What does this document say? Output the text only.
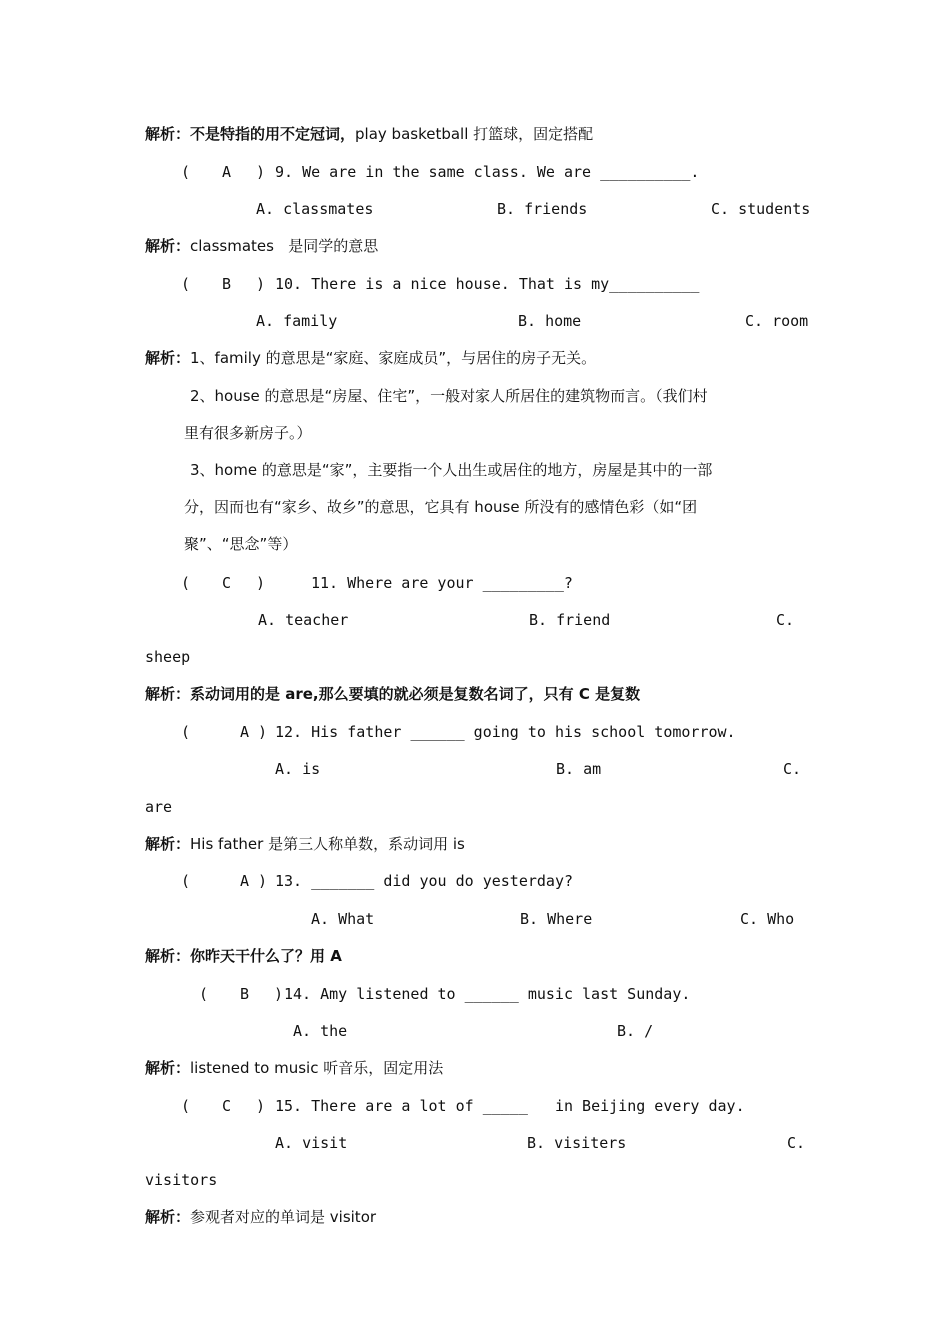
解析：不是特指的用不定冠词，play basketball 打篮球，固定搭配
( A ) 9. We are in the same class. We are __________.
A. classmates	B. friends	C. students
解析：classmates   是同学的意思
( B ) 10. There is a nice house. That is my__________
A. family	B. home	C. room
解析：1、family 的意思是“家庭、家庭成员”，与居住的房子无关。
2、house 的意思是“房屋、住宅”，一般对家人所居住的建筑物而言。（我们村
里有很多新房子。）
3、home 的意思是“家”，主要指一个人出生或居住的地方，房屋是其中的一部
分，因而也有“家乡、故乡”的意思，它具有 house 所没有的感情色彩（如“团
聚”、“思念”等）
( C )	11. Where are your _________?
A. teacher	B. friend	C.
sheep
解析：系动词用的是 are,那么要填的就必须是复数名词了，只有 C 是复数
(	A ) 12. His father ______ going to his school tomorrow.
A. is	B. am	C.
are
解析：His father 是第三人称单数，系动词用 is
(	A ) 13. _______ did you do yesterday?
A. What	B. Where	C. Who
解析：你昨天干什么了？用 A
( B ) 14. Amy listened to ______ music last Sunday.
A. the	B. /
解析：listened to music 听音乐，固定用法
( C ) 15. There are a lot of _____   in Beijing every day.
A. visit	B. visiters	C.
visitors
解析：参观者对应的单词是 visitor
